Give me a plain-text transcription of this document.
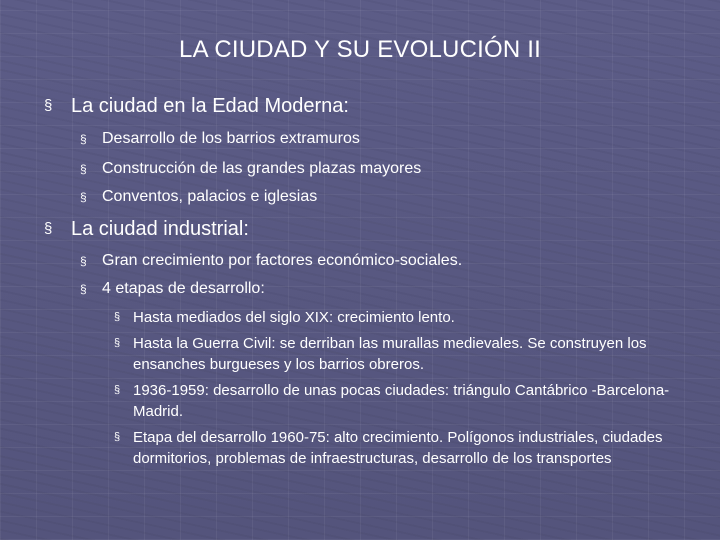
LA CIUDAD Y SU EVOLUCIÓN II
§ La ciudad en la Edad Moderna:
§ Desarrollo de los barrios extramuros
§ Construcción de las grandes plazas mayores
§ Conventos, palacios e iglesias
§ La ciudad industrial:
§ Gran crecimiento por factores económico-sociales.
§ 4 etapas de desarrollo:
§ Hasta mediados del siglo XIX: crecimiento lento.
§ Hasta la Guerra Civil: se derriban las murallas medievales. Se construyen los ensanches burgueses y los barrios obreros.
§ 1936-1959: desarrollo de unas pocas ciudades: triángulo Cantábrico -Barcelona-Madrid.
§ Etapa del desarrollo 1960-75: alto crecimiento. Polígonos industriales, ciudades dormitorios, problemas de infraestructuras, desarrollo de los transportes
